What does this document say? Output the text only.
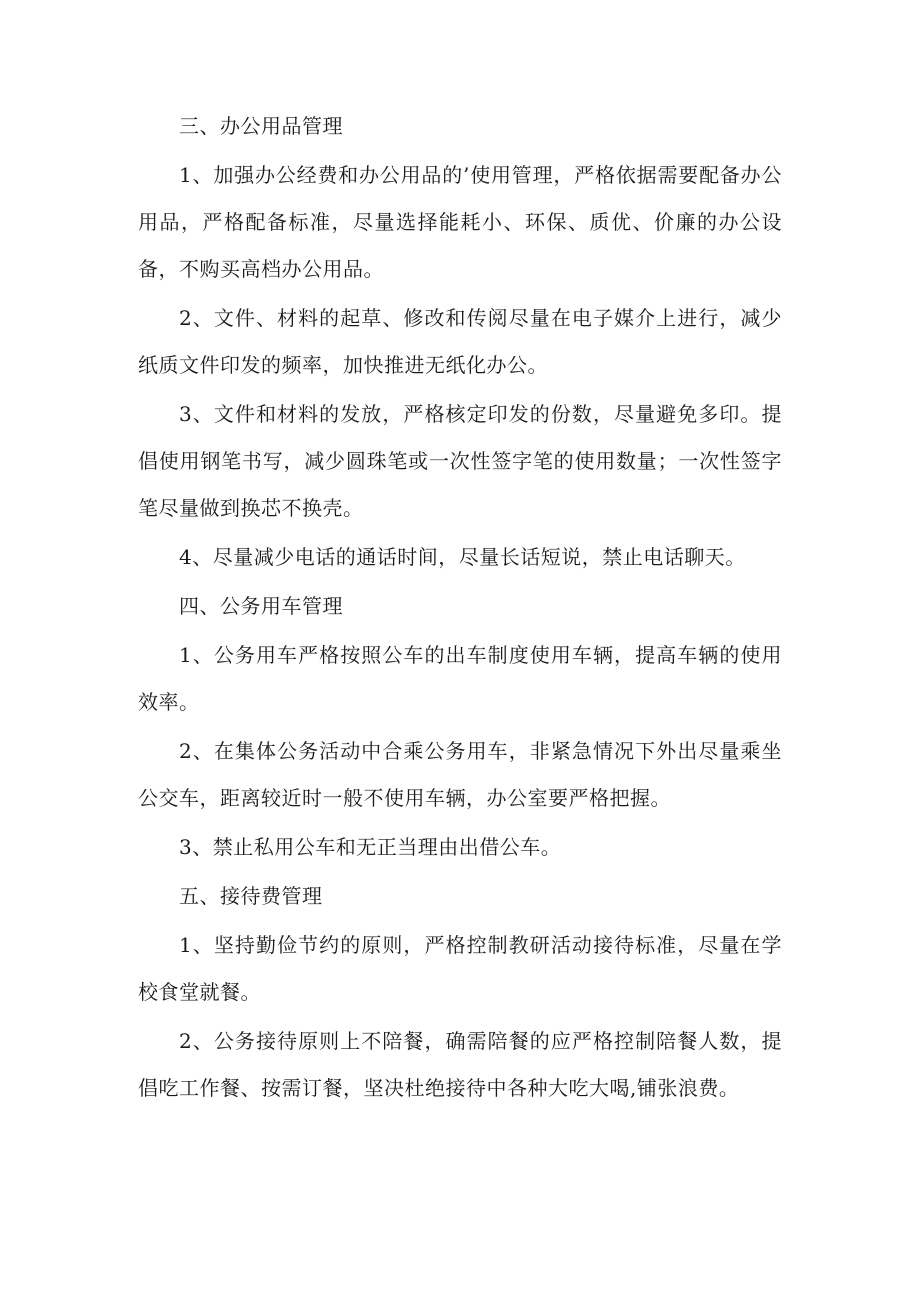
三、办公用品管理

1、加强办公经费和办公用品的’使用管理，严格依据需要配备办公用品，严格配备标准，尽量选择能耗小、环保、质优、价廉的办公设备，不购买高档办公用品。

2、文件、材料的起草、修改和传阅尽量在电子媒介上进行，减少纸质文件印发的频率，加快推进无纸化办公。

3、文件和材料的发放，严格核定印发的份数，尽量避免多印。提倡使用钢笔书写，减少圆珠笔或一次性签字笔的使用数量；一次性签字笔尽量做到换芯不换壳。

4、尽量减少电话的通话时间，尽量长话短说，禁止电话聊天。

四、公务用车管理

1、公务用车严格按照公车的出车制度使用车辆，提高车辆的使用效率。

2、在集体公务活动中合乘公务用车，非紧急情况下外出尽量乘坐公交车，距离较近时一般不使用车辆，办公室要严格把握。

3、禁止私用公车和无正当理由出借公车。

五、接待费管理

1、坚持勤俭节约的原则，严格控制教研活动接待标准，尽量在学校食堂就餐。

2、公务接待原则上不陪餐，确需陪餐的应严格控制陪餐人数，提倡吃工作餐、按需订餐，坚决杜绝接待中各种大吃大喝,铺张浪费。
